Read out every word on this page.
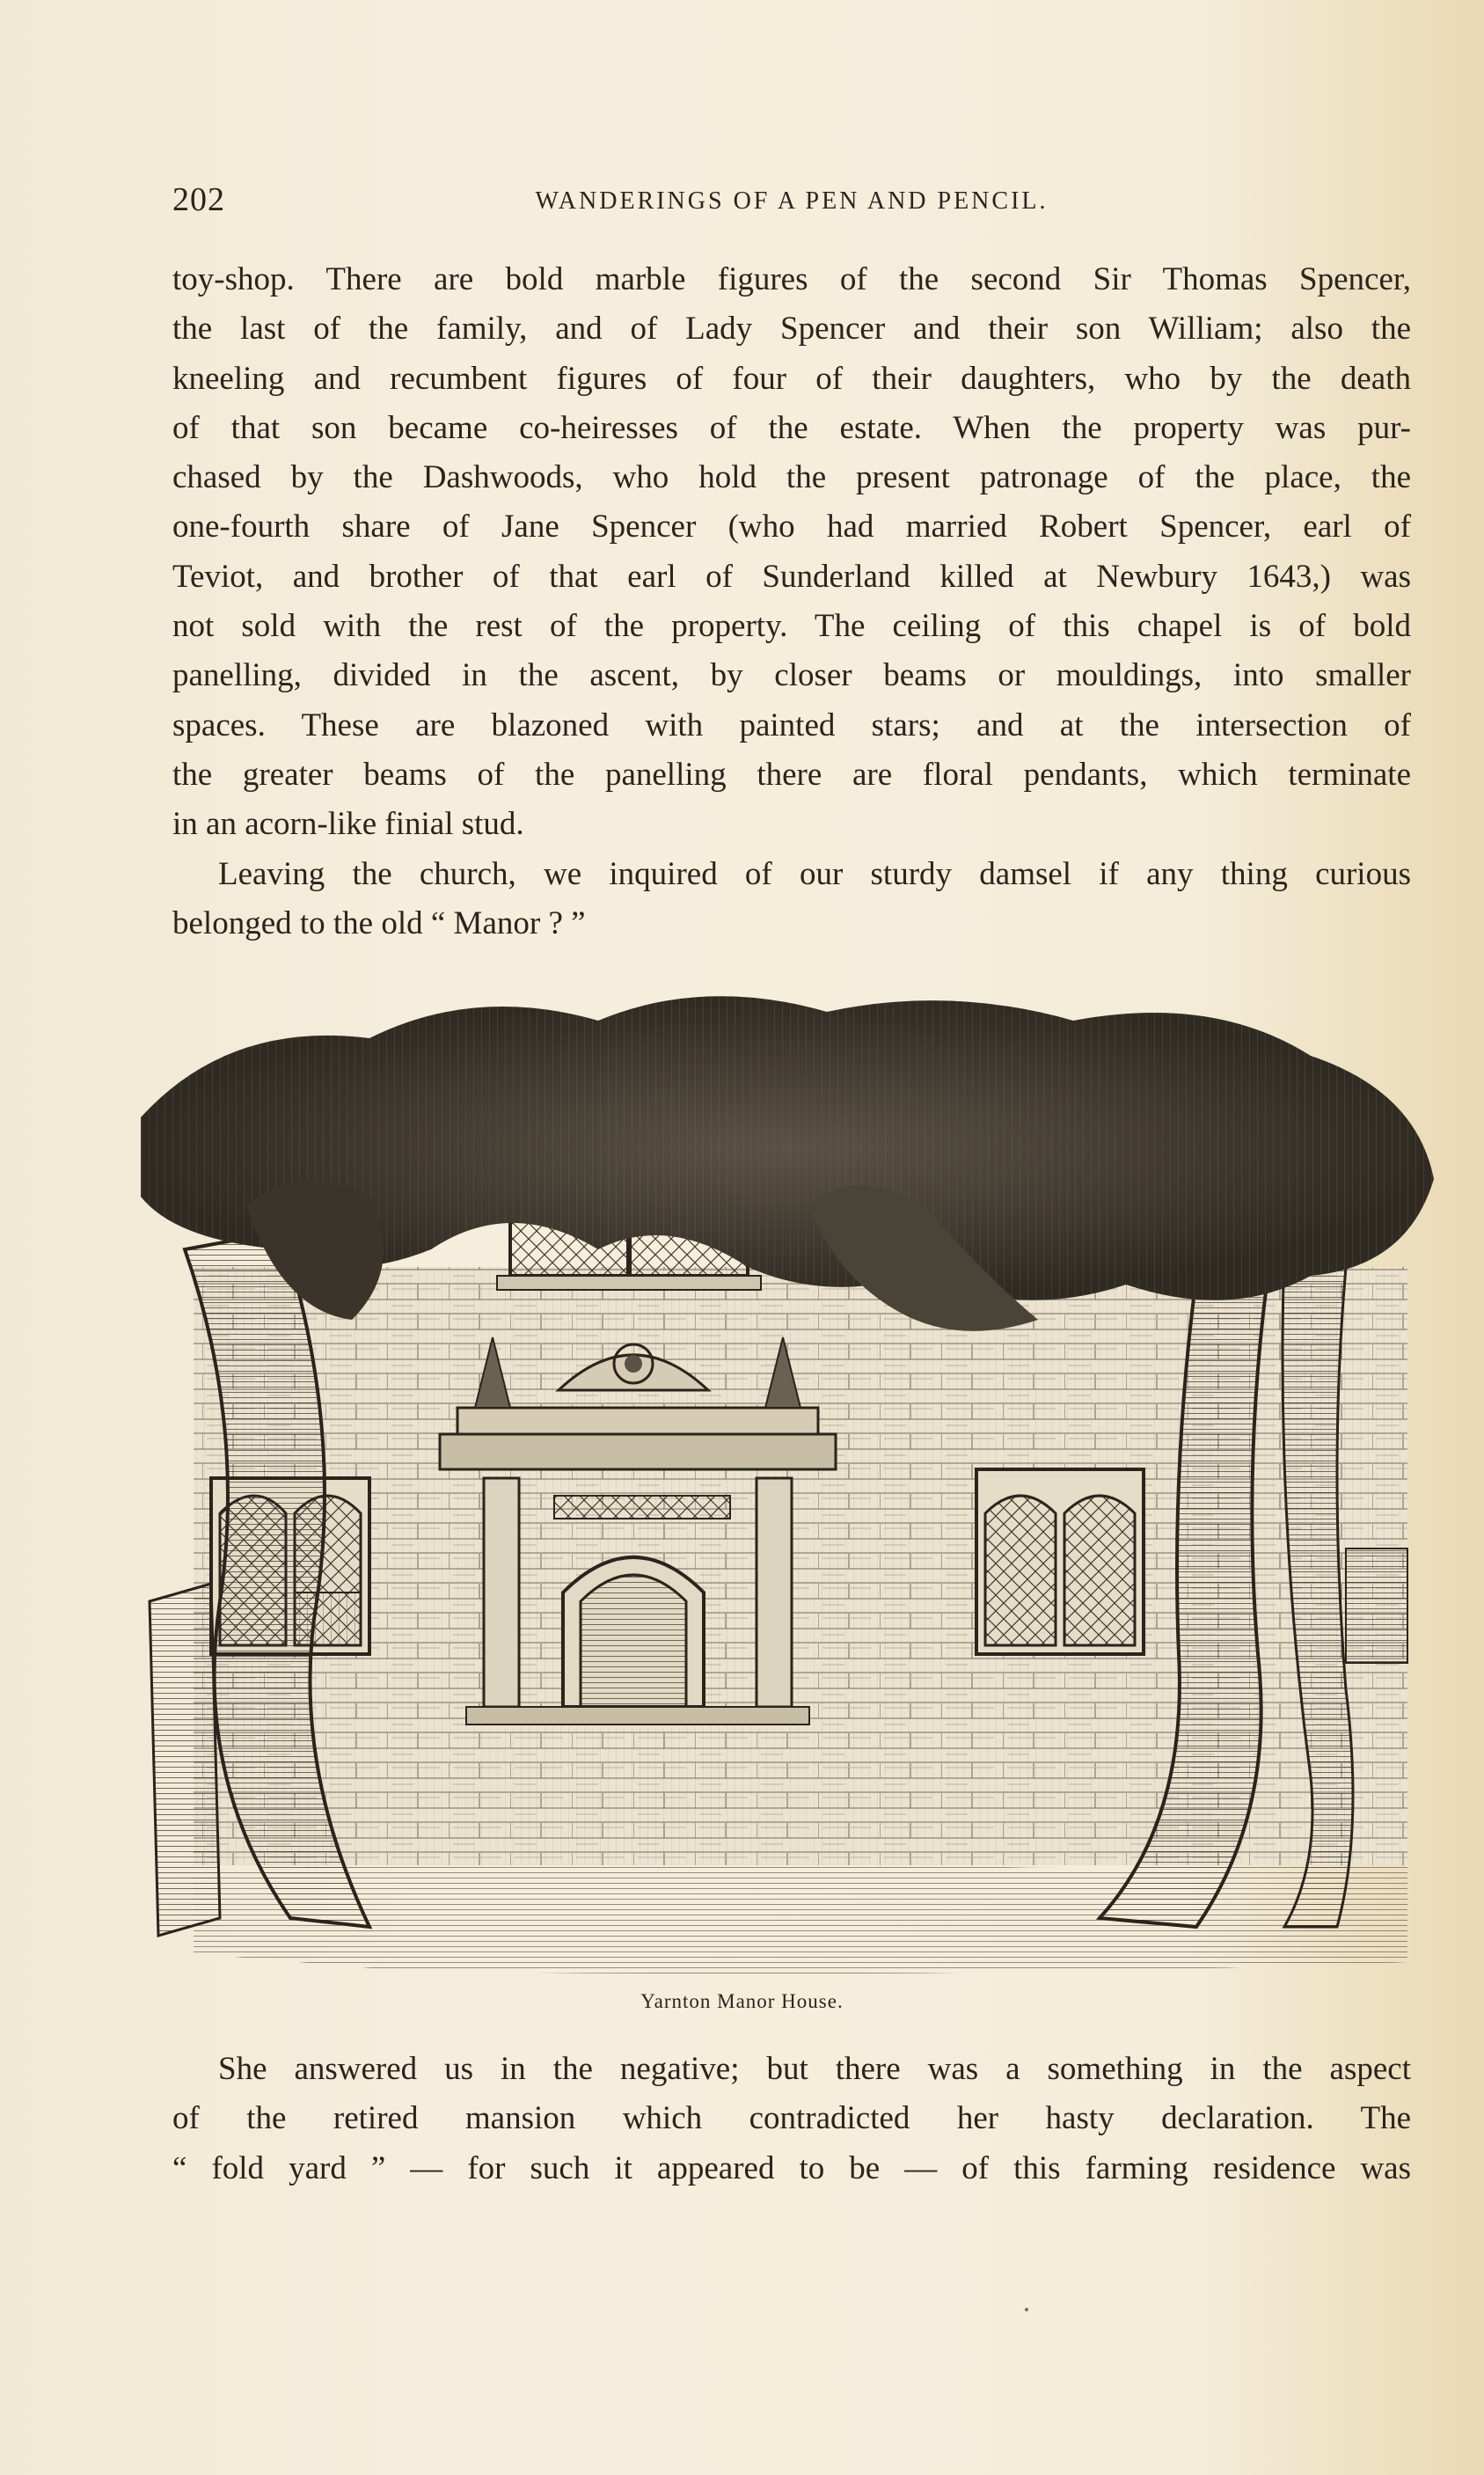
202	WANDERINGS OF A PEN AND PENCIL.
toy-shop. There are bold marble figures of the second Sir Thomas Spencer,
the last of the family, and of Lady Spencer and their son William; also the
kneeling and recumbent figures of four of their daughters, who by the death
of that son became co-heiresses of the estate. When the property was pur-
chased by the Dashwoods, who hold the present patronage of the place, the
one-fourth share of Jane Spencer (who had married Robert Spencer, earl of
Teviot, and brother of that earl of Sunderland killed at Newbury 1643,) was
not sold with the rest of the property. The ceiling of this chapel is of bold
panelling, divided in the ascent, by closer beams or mouldings, into smaller
spaces. These are blazoned with painted stars; and at the intersection of
the greater beams of the panelling there are floral pendants, which terminate
in an acorn-like finial stud.
Leaving the church, we inquired of our sturdy damsel if any thing curious
belonged to the old “ Manor ? ”
Yarnton Manor House.
She answered us in the negative; but there was a something in the aspect
of the retired mansion which contradicted her hasty declaration. The
“ fold yard ” — for such it appeared to be — of this farming residence was
